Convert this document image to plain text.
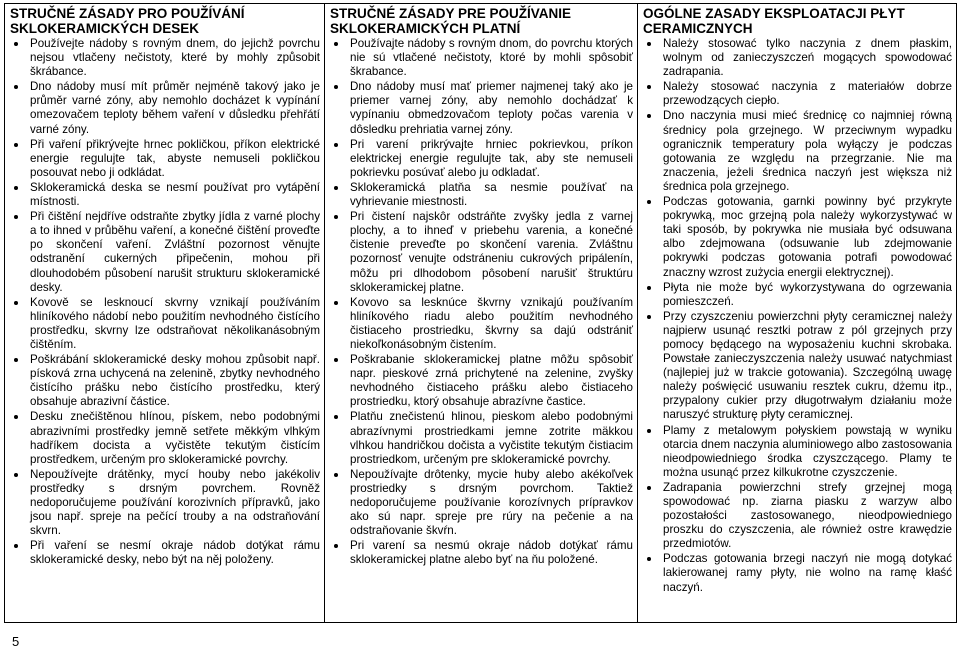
STRUČNÉ ZÁSADY PRO POUŽÍVÁNÍ SKLOKERAMICKÝCH DESEK
Používejte nádoby s rovným dnem, do jejichž povrchu nejsou vtlačeny nečistoty, které by mohly způsobit škrábance.
Dno nádoby musí mít průměr nejméně takový jako je průměr varné zóny, aby nemohlo docházet k vypínání omezovačem teploty během vaření v důsledku přehřátí varné zóny.
Při vaření přikrývejte hrnec pokličkou, příkon elektrické energie regulujte tak, abyste nemuseli pokličkou posouvat nebo ji odkládat.
Sklokeramická deska se nesmí používat pro vytápění místnosti.
Při čištění nejdříve odstraňte zbytky jídla z varné plochy a to ihned v průběhu vaření, a konečné čištění proveďte po skončení vaření. Zvláštní pozornost věnujte odstranění cukerných připečenin, mohou při dlouhodobém působení narušit strukturu sklokeramické desky.
Kovově se lesknoucí skvrny vznikají používáním hliníkového nádobí nebo použitím nevhodného čistícího prostředku, skvrny lze odstraňovat několikanásobným čištěním.
Poškrábání sklokeramické desky mohou způsobit např. písková zrna uchycená na zelenině, zbytky nevhodného čistícího prášku nebo čistícího prostředku, který obsahuje abrazivní částice.
Desku znečištěnou hlínou, pískem, nebo podobnými abrazivními prostředky jemně setřete měkkým vlhkým hadříkem docista a vyčistěte tekutým čistícím prostředkem, určeným pro sklokeramické povrchy.
Nepoužívejte drátěnky, mycí houby nebo jakékoliv prostředky s drsným povrchem. Rovněž nedoporučujeme používání korozivních přípravků, jako jsou např. spreje na pečící trouby a na odstraňování skvrn.
Při vaření se nesmí okraje nádob dotýkat rámu sklokeramické desky, nebo být na něj položeny.
STRUČNÉ ZÁSADY PRE POUŽÍVANIE SKLOKERAMICKÝCH PLATNÍ
Používajte nádoby s rovným dnom, do povrchu ktorých nie sú vtlačené nečistoty, ktoré by mohli spôsobiť škrabance.
Dno nádoby musí mať priemer najmenej taký ako je priemer varnej zóny, aby nemohlo dochádzať k vypínaniu obmedzovačom teploty počas varenia v dôsledku prehriatia varnej zóny.
Pri varení prikrývajte hrniec pokrievkou, príkon elektrickej energie regulujte tak, aby ste nemuseli pokrievku posúvať alebo ju odkladať.
Sklokeramická platňa sa nesmie používať na vyhrievanie miestnosti.
Pri čistení najskôr odstráňte zvyšky jedla z varnej plochy, a to ihneď v priebehu varenia, a konečné čistenie preveďte po skončení varenia. Zvláštnu pozornosť venujte odstráneniu cukrových pripálenín, môžu pri dlhodobom pôsobení narušiť štruktúru sklokeramickej platne.
Kovovo sa lesknúce škvrny vznikajú používaním hliníkového riadu alebo použitím nevhodného čistiaceho prostriedku, škvrny sa dajú odstrániť niekoľkonásobným čistením.
Poškrabanie sklokeramickej platne môžu spôsobiť napr. pieskové zrná prichytené na zelenine, zvyšky nevhodného čistiaceho prášku alebo čistiaceho prostriedku, ktorý obsahuje abrazívne častice.
Platňu znečistenú hlinou, pieskom alebo podobnými abrazívnymi prostriedkami jemne zotrite mäkkou vlhkou handričkou dočista a vyčistite tekutým čistiacim prostriedkom, určeným pre sklokeramické povrchy.
Nepoužívajte drôtenky, mycie huby alebo akékoľvek prostriedky s drsným povrchom. Taktiež nedoporučujeme používanie korozívnych prípravkov ako sú napr. spreje pre rúry na pečenie a na odstraňovanie škvŕn.
Pri varení sa nesmú okraje nádob dotýkať rámu sklokeramickej platne alebo byť na ňu položené.
OGÓLNE ZASADY EKSPLOATACJI PŁYT CERAMICZNYCH
Należy stosować tylko naczynia z dnem płaskim, wolnym od zanieczyszczeń mogących spowodować zadrapania.
Należy stosować naczynia z materiałów dobrze przewodzących ciepło.
Dno naczynia musi mieć średnicę co najmniej równą średnicy pola grzejnego. W przeciwnym wypadku ogranicznik temperatury pola wyłączy je podczas gotowania ze względu na przegrzanie. Nie ma znaczenia, jeżeli średnica naczyń jest większa niż średnica pola grzejnego.
Podczas gotowania, garnki powinny być przykryte pokrywką, moc grzejną pola należy wykorzystywać w taki sposób, by pokrywka nie musiała być odsuwana albo zdejmowana (odsuwanie lub zdejmowanie pokrywki podczas gotowania potrafi powodować znaczny wzrost zużycia energii elektrycznej).
Płyta nie może być wykorzystywana do ogrzewania pomieszczeń.
Przy czyszczeniu powierzchni płyty ceramicznej należy najpierw usunąć resztki potraw z pól grzejnych przy pomocy będącego na wyposażeniu kuchni skrobaka. Powstałe zanieczyszczenia należy usuwać natychmiast (najlepiej już w trakcie gotowania). Szczególną uwagę należy poświęcić usuwaniu resztek cukru, dżemu itp., przypalony cukier przy długotrwałym działaniu może naruszyć strukturę płyty ceramicznej.
Plamy z metalowym połyskiem powstają w wyniku otarcia dnem naczynia aluminiowego albo zastosowania nieodpowiedniego środka czyszczącego. Plamy te można usunąć przez kilkukrotne czyszczenie.
Zadrapania powierzchni strefy grzejnej mogą spowodować np. ziarna piasku z warzyw albo pozostałości zastosowanego, nieodpowiedniego proszku do czyszczenia, ale również ostre krawędzie przedmiotów.
Podczas gotowania brzegi naczyń nie mogą dotykać lakierowanej ramy płyty, nie wolno na ramę kłaść naczyń.
5
